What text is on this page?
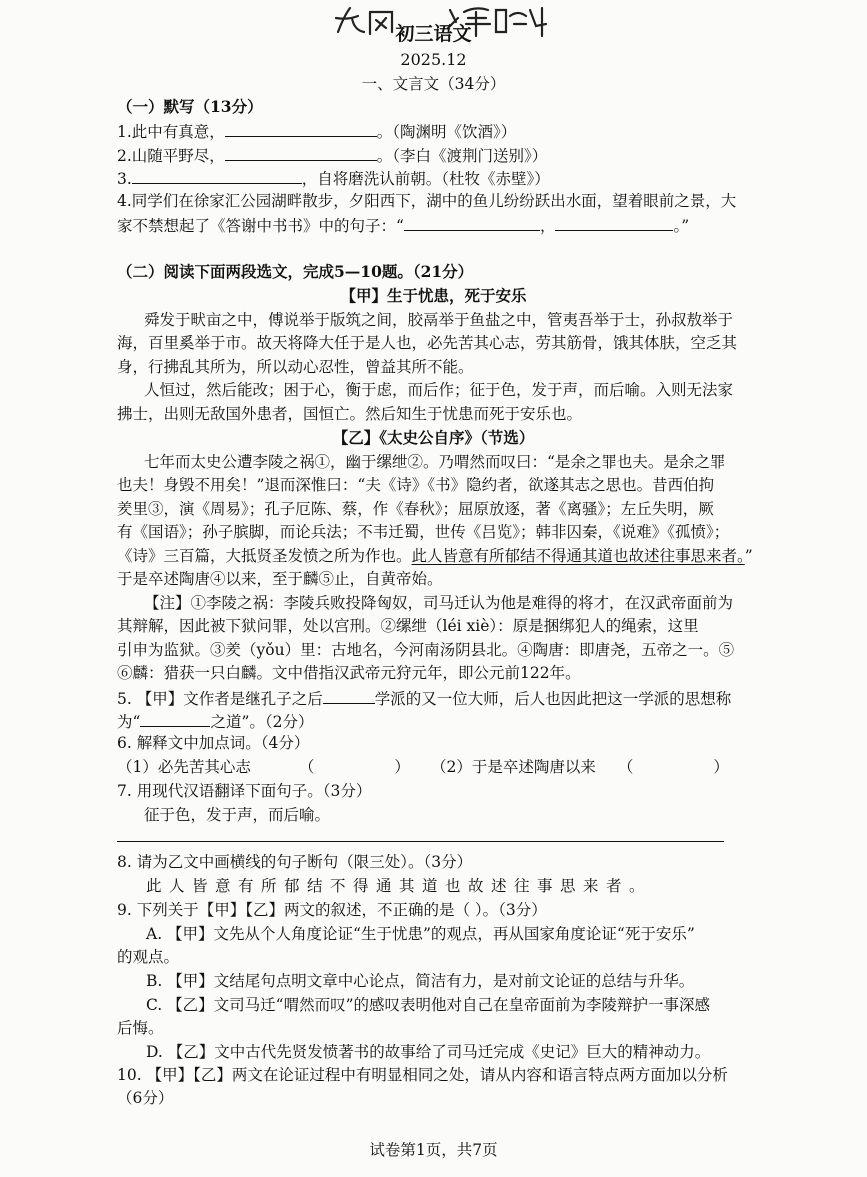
初三语文
2025.12
一、文言文（34分）
（一）默写（13分）
1.此中有真意，	。（陶渊明《饮酒》）
2.山随平野尽，	。（李白《渡荆门送别》）
3.	，自将磨洗认前朝。（杜牧《赤壁》）
4.同学们在徐家汇公园湖畔散步，夕阳西下，湖中的鱼儿纷纷跃出水面，望着眼前之景，大
家不禁想起了《答谢中书书》中的句子：“	，	。”
（二）阅读下面两段选文，完成5—10题。（21分）
【甲】生于忧患，死于安乐
舜发于畎亩之中，傅说举于版筑之间，胶鬲举于鱼盐之中，管夷吾举于士，孙叔敖举于
海，百里奚举于市。故天将降大任于是人也，必先苦其心志，劳其筋骨，饿其体肤，空乏其
身，行拂乱其所为，所以动心忍性，曾益其所不能。
人恒过，然后能改；困于心，衡于虑，而后作；征于色，发于声，而后喻。入则无法家
拂士，出则无敌国外患者，国恒亡。然后知生于忧患而死于安乐也。
【乙】《太史公自序》（节选）
七年而太史公遭李陵之祸①，幽于缧绁②。乃喟然而叹曰：“是余之罪也夫。是余之罪
也夫！身毁不用矣！”退而深惟曰：“夫《诗》《书》隐约者，欲遂其志之思也。昔西伯拘
羑里③，演《周易》；孔子厄陈、蔡，作《春秋》；屈原放逐，著《离骚》；左丘失明，厥
有《国语》；孙子膑脚，而论兵法；不韦迁蜀，世传《吕览》；韩非囚秦，《说难》《孤愤》；
《诗》三百篇，大抵贤圣发愤之所为作也。此人皆意有所郁结不得通其道也故述往事思来者。”
于是卒述陶唐④以来，至于麟⑤止，自黄帝始。
【注】①李陵之祸：李陵兵败投降匈奴，司马迁认为他是难得的将才，在汉武帝面前为
其辩解，因此被下狱问罪，处以宫刑。②缧绁（léi xiè）：原是捆绑犯人的绳索，这里
引申为监狱。③羑（yǒu）里：古地名，今河南汤阴县北。④陶唐：即唐尧，五帝之一。⑤
⑥麟：猎获一只白麟。文中借指汉武帝元狩元年，即公元前122年。
5. 【甲】文作者是继孔子之后	学派的又一位大师，后人也因此把这一学派的思想称
为“	之道”。（2分）
6. 解释文中加点词。（4分）
（1）必先苦其心志	（	） （2）于是卒述陶唐以来 （	）
7. 用现代汉语翻译下面句子。（3分）
征于色，发于声，而后喻。
8. 请为乙文中画横线的句子断句（限三处）。（3分）
此人皆意有所郁结不得通其道也故述往事思来者。
9. 下列关于【甲】【乙】两文的叙述，不正确的是（ ）。（3分）
A. 【甲】文先从个人角度论证“生于忧患”的观点，再从国家角度论证“死于安乐”
的观点。
B. 【甲】文结尾句点明文章中心论点，简洁有力，是对前文论证的总结与升华。
C. 【乙】文司马迁“喟然而叹”的感叹表明他对自己在皇帝面前为李陵辩护一事深感
后悔。
D. 【乙】文中古代先贤发愤著书的故事给了司马迁完成《史记》巨大的精神动力。
10. 【甲】【乙】两文在论证过程中有明显相同之处，请从内容和语言特点两方面加以分析
（6分）
试卷第1页，共7页
